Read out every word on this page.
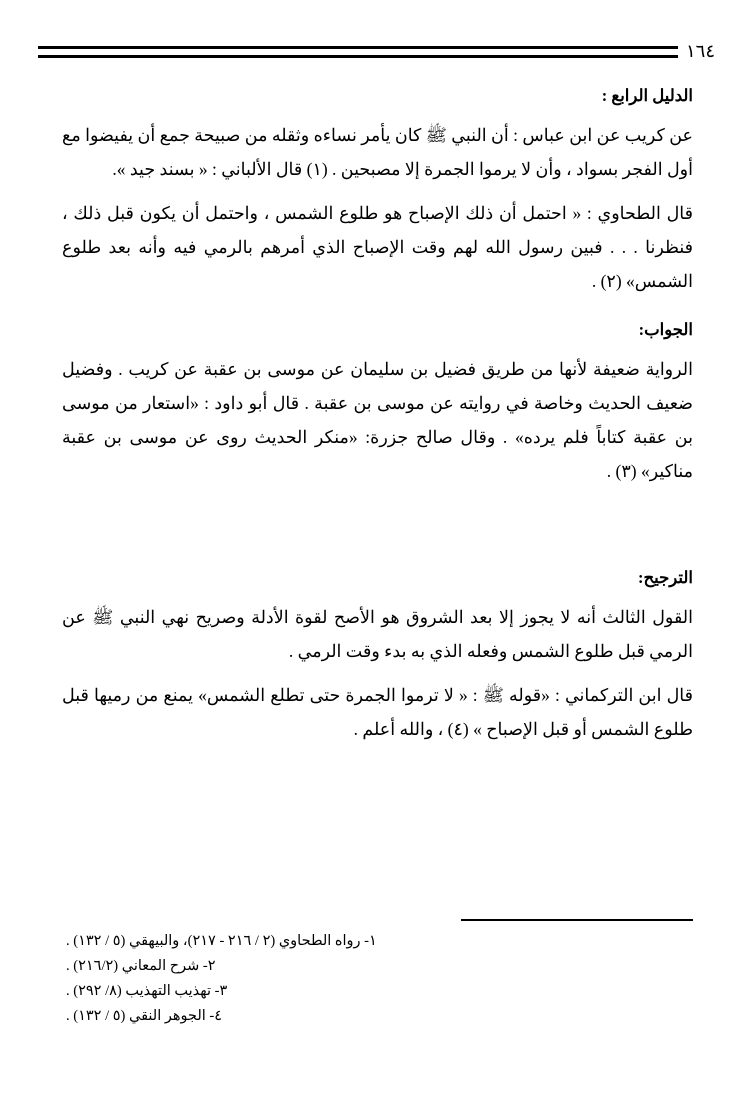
١٦٤
الدليل الرابع :

عن كريب عن ابن عباس : أن النبي ﷺ كان يأمر نساءه وثقله من صبيحة جمع أن يفيضوا مع أول الفجر بسواد ، وأن لا يرموا الجمرة إلا مصبحين . (١) قال الألباني : « بسند جيد ».

قال الطحاوي : « احتمل أن ذلك الإصباح هو طلوع الشمس ، واحتمل أن يكون قبل ذلك ، فنظرنا . . . فبين رسول الله لهم وقت الإصباح الذي أمرهم بالرمي فيه وأنه بعد طلوع الشمس» (٢) .

الجواب:

الرواية ضعيفة لأنها من طريق فضيل بن سليمان عن موسى بن عقبة عن كريب . وفضيل ضعيف الحديث وخاصة في روايته عن موسى بن عقبة . قال أبو داود : «استعار من موسى بن عقبة كتاباً فلم يرده» . وقال صالح جزرة: «منكر الحديث روى عن موسى بن عقبة مناكير» (٣) .

الترجيح:

القول الثالث أنه لا يجوز إلا بعد الشروق هو الأصح لقوة الأدلة وصريح نهي النبي ﷺ عن الرمي قبل طلوع الشمس وفعله الذي به بدء وقت الرمي .

قال ابن التركماني : «قوله ﷺ : « لا ترموا الجمرة حتى تطلع الشمس» يمنع من رميها قبل طلوع الشمس أو قبل الإصباح » (٤) ، والله أعلم .

١- رواه الطحاوي (٢ / ٢١٦ - ٢١٧)، والبيهقي (٥ / ١٣٢) .

٢- شرح المعاني (٢١٦/٢) .

٣- تهذيب التهذيب (٨/ ٢٩٢) .

٤- الجوهر النقي (٥ / ١٣٢) .
